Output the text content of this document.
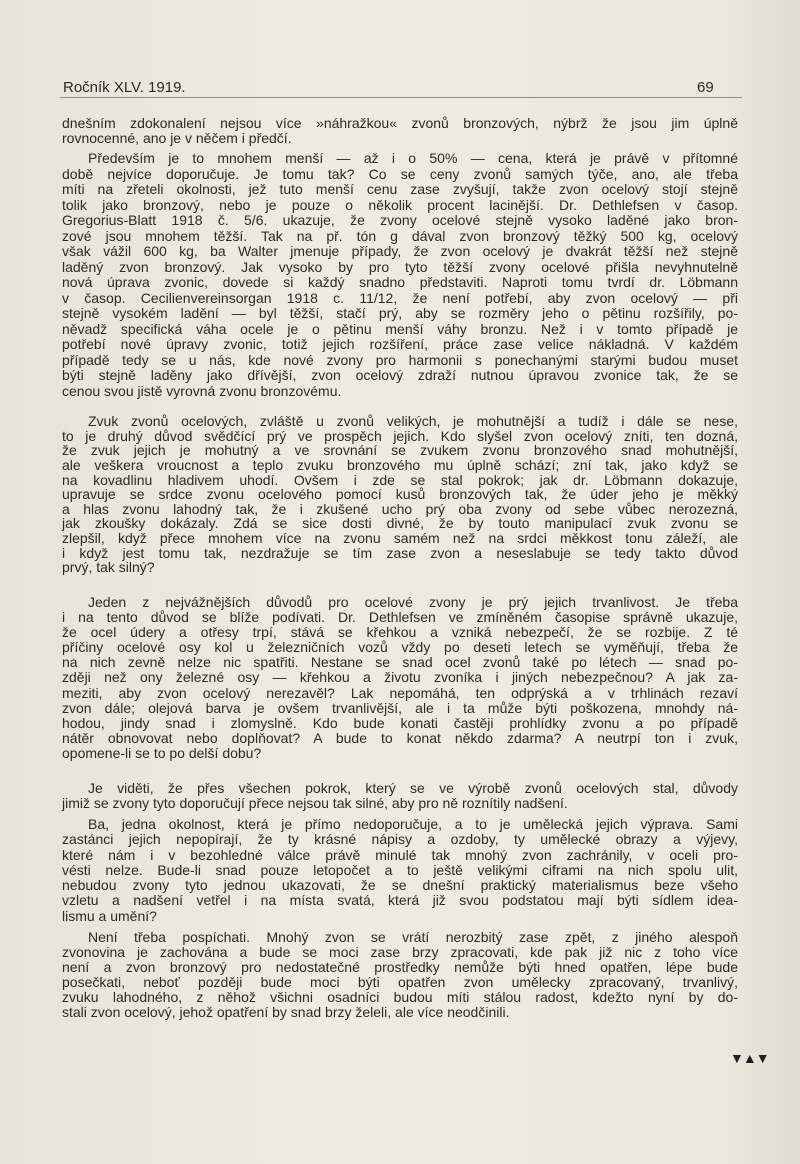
Ročník XLV. 1919.	69
dnešním zdokonalení nejsou více »náhražkou« zvonů bronzových, nýbrž že jsou jim úplně
rovnocenné, ano je v něčem i předčí.
Především je to mnohem menší — až i o 50% — cena, která je právě v přítomné
době nejvíce doporučuje. Je tomu tak? Co se ceny zvonů samých týče, ano, ale třeba
míti na zřeteli okolnosti, jež tuto menší cenu zase zvyšují, takže zvon ocelový stojí stejně
tolik jako bronzový, nebo je pouze o několik procent lacinější. Dr. Dethlefsen v časop.
Gregorius-Blatt 1918 č. 5/6. ukazuje, že zvony ocelové stejně vysoko laděné jako bron-
zové jsou mnohem těžší. Tak na př. tón g dával zvon bronzový těžký 500 kg, ocelový
však vážil 600 kg, ba Walter jmenuje případy, že zvon ocelový je dvakrát těžší než stejně
laděný zvon bronzový. Jak vysoko by pro tyto těžší zvony ocelové přišla nevyhnutelně
nová úprava zvonic, dovede si každý snadno představiti. Naproti tomu tvrdí dr. Löbmann
v časop. Cecilienvereinsorgan 1918 c. 11/12, že není potřebí, aby zvon ocelový — při
stejně vysokém ladění — byl těžší, stačí prý, aby se rozměry jeho o pětinu rozšířily, po-
něvadž specifická váha ocele je o pětinu menší váhy bronzu. Než i v tomto případě je
potřebí nové úpravy zvonic, totiž jejich rozšíření, práce zase velice nákladná. V každém
případě tedy se u nás, kde nové zvony pro harmonii s ponechanými starými budou muset
býti stejně laděny jako dřívější, zvon ocelový zdraží nutnou úpravou zvonice tak, že se
cenou svou jistě vyrovná zvonu bronzovému.
Zvuk zvonů ocelových, zvláště u zvonů velikých, je mohutnější a tudíž i dále se nese,
to je druhý důvod svědčící prý ve prospěch jejich. Kdo slyšel zvon ocelový zníti, ten dozná,
že zvuk jejich je mohutný a ve srovnání se zvukem zvonu bronzového snad mohutnější,
ale veškera vroucnost a teplo zvuku bronzového mu úplně schází; zní tak, jako když se
na kovadlinu hladivem uhodí. Ovšem i zde se stal pokrok; jak dr. Löbmann dokazuje,
upravuje se srdce zvonu ocelového pomocí kusů bronzových tak, že úder jeho je měkký
a hlas zvonu lahodný tak, že i zkušené ucho prý oba zvony od sebe vůbec nerozezná,
jak zkoušky dokázaly. Zdá se sice dosti divné, že by touto manipulací zvuk zvonu se
zlepšil, když přece mnohem více na zvonu samém než na srdci měkkost tonu záleží, ale
i když jest tomu tak, nezdražuje se tím zase zvon a neseslabuje se tedy takto důvod
prvý, tak silný?
Jeden z nejvážnějších důvodů pro ocelové zvony je prý jejich trvanlivost. Je třeba
i na tento důvod se blíže podívati. Dr. Dethlefsen ve zmíněném časopise správně ukazuje,
že ocel údery a otřesy trpí, stává se křehkou a vzniká nebezpečí, že se rozbije. Z té
příčiny ocelové osy kol u železničních vozů vždy po deseti letech se vyměňují, třeba že
na nich zevně nelze nic spatřiti. Nestane se snad ocel zvonů také po létech — snad po-
zději než ony železné osy — křehkou a životu zvoníka i jiných nebezpečnou? A jak za-
meziti, aby zvon ocelový nerezavěl? Lak nepomáhá, ten odprýská a v trhlinách rezaví
zvon dále; olejová barva je ovšem trvanlivější, ale i ta může býti poškozena, mnohdy ná-
hodou, jindy snad i zlomyslně. Kdo bude konati častěji prohlídky zvonu a po případě
nátěr obnovovat nebo doplňovat? A bude to konat někdo zdarma? A neutrpí ton i zvuk,
opomene-li se to po delší dobu?
Je viděti, že přes všechen pokrok, který se ve výrobě zvonů ocelových stal, důvody
jimiž se zvony tyto doporučují přece nejsou tak silné, aby pro ně roznítily nadšení.
Ba, jedna okolnost, která je přímo nedoporučuje, a to je umělecká jejich výprava. Sami
zastánci jejich nepopírají, že ty krásné nápisy a ozdoby, ty umělecké obrazy a výjevy,
které nám i v bezohledné válce právě minulé tak mnohý zvon zachránily, v oceli pro-
vésti nelze. Bude-li snad pouze letopočet a to ještě velikými ciframi na nich spolu ulit,
nebudou zvony tyto jednou ukazovati, že se dnešní praktický materialismus beze všeho
vzletu a nadšení vetřel i na místa svatá, která již svou podstatou mají býti sídlem idea-
lismu a umění?
Není třeba pospíchati. Mnohý zvon se vrátí nerozbitý zase zpět, z jiného alespoň
zvonovina je zachována a bude se moci zase brzy zpracovati, kde pak již nic z toho více
není a zvon bronzový pro nedostatečné prostředky nemůže býti hned opatřen, lépe bude
posečkati, neboť později bude moci býti opatřen zvon umělecky zpracovaný, trvanlivý,
zvuku lahodného, z něhož všichni osadníci budou míti stálou radost, kdežto nyní by do-
stali zvon ocelový, jehož opatření by snad brzy želeli, ale více neodčinili.
▼▲▼
